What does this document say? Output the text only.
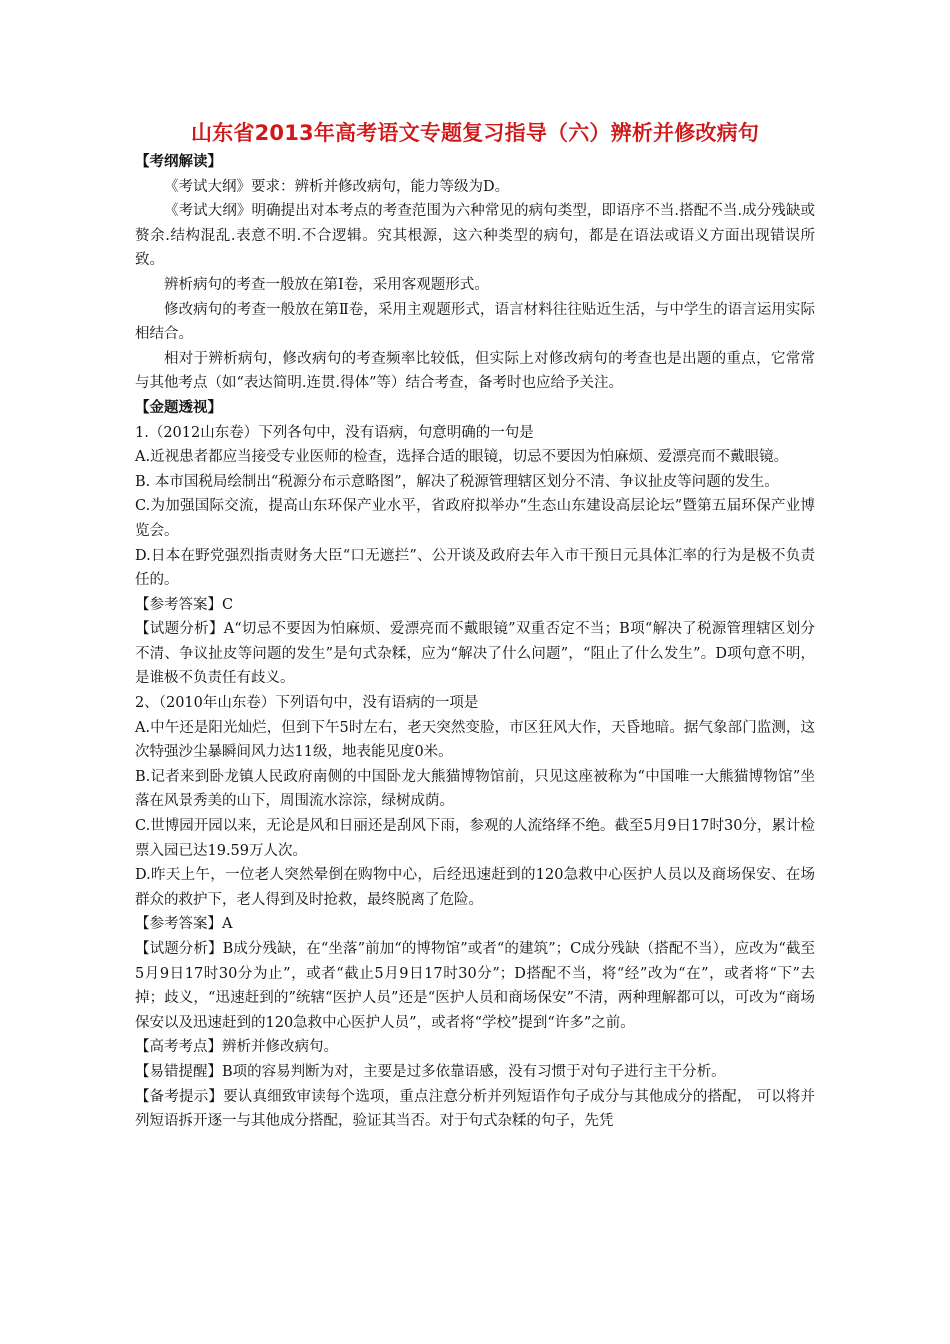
山东省2013年高考语文专题复习指导（六）辨析并修改病句

【考纲解读】

《考试大纲》要求：辨析并修改病句，能力等级为D。

《考试大纲》明确提出对本考点的考查范围为六种常见的病句类型，即语序不当.搭配不当.成分残缺或赘余.结构混乱.表意不明.不合逻辑。究其根源，这六种类型的病句，都是在语法或语义方面出现错误所致。

辨析病句的考查一般放在第Ⅰ卷，采用客观题形式。

修改病句的考查一般放在第Ⅱ卷，采用主观题形式，语言材料往往贴近生活，与中学生的语言运用实际相结合。

相对于辨析病句，修改病句的考查频率比较低，但实际上对修改病句的考查也是出题的重点，它常常与其他考点（如“表达简明.连贯.得体”等）结合考查，备考时也应给予关注。

【金题透视】

1.（2012山东卷）下列各句中，没有语病，句意明确的一句是

A.近视患者都应当接受专业医师的检查，选择合适的眼镜，切忌不要因为怕麻烦、爱漂亮而不戴眼镜。

B. 本市国税局绘制出“税源分布示意略图”，解决了税源管理辖区划分不清、争议扯皮等问题的发生。

C.为加强国际交流，提高山东环保产业水平，省政府拟举办“生态山东建设高层论坛”暨第五届环保产业博览会。

D.日本在野党强烈指责财务大臣“口无遮拦”、公开谈及政府去年入市干预日元具体汇率的行为是极不负责任的。

【参考答案】C

【试题分析】A“切忌不要因为怕麻烦、爱漂亮而不戴眼镜”双重否定不当；B项“解决了税源管理辖区划分不清、争议扯皮等问题的发生”是句式杂糅，应为“解决了什么问题”，“阻止了什么发生”。D项句意不明，是谁极不负责任有歧义。

2、（2010年山东卷）下列语句中，没有语病的一项是

A.中午还是阳光灿烂，但到下午5时左右，老天突然变脸，市区狂风大作，天昏地暗。据气象部门监测，这次特强沙尘暴瞬间风力达11级，地表能见度0米。

B.记者来到卧龙镇人民政府南侧的中国卧龙大熊猫博物馆前，只见这座被称为“中国唯一大熊猫博物馆”坐落在风景秀美的山下，周围流水淙淙，绿树成荫。

C.世博园开园以来，无论是风和日丽还是刮风下雨，参观的人流络绎不绝。截至5月9日17时30分，累计检票入园已达19.59万人次。

D.昨天上午，一位老人突然晕倒在购物中心，后经迅速赶到的120急救中心医护人员以及商场保安、在场群众的救护下，老人得到及时抢救，最终脱离了危险。

【参考答案】A

【试题分析】B成分残缺，在“坐落”前加“的博物馆”或者“的建筑”；C成分残缺（搭配不当），应改为“截至5月9日17时30分为止”，或者“截止5月9日17时30分”；D搭配不当，将“经”改为“在”，或者将“下”去掉；歧义，“迅速赶到的”统辖“医护人员”还是“医护人员和商场保安”不清，两种理解都可以，可改为“商场保安以及迅速赶到的120急救中心医护人员”，或者将“学校”提到“许多”之前。

【高考考点】辨析并修改病句。

【易错提醒】B项的容易判断为对，主要是过多依靠语感，没有习惯于对句子进行主干分析。

【备考提示】要认真细致审读每个选项，重点注意分析并列短语作句子成分与其他成分的搭配， 可以将并列短语拆开逐一与其他成分搭配，验证其当否。对于句式杂糅的句子，先凭
